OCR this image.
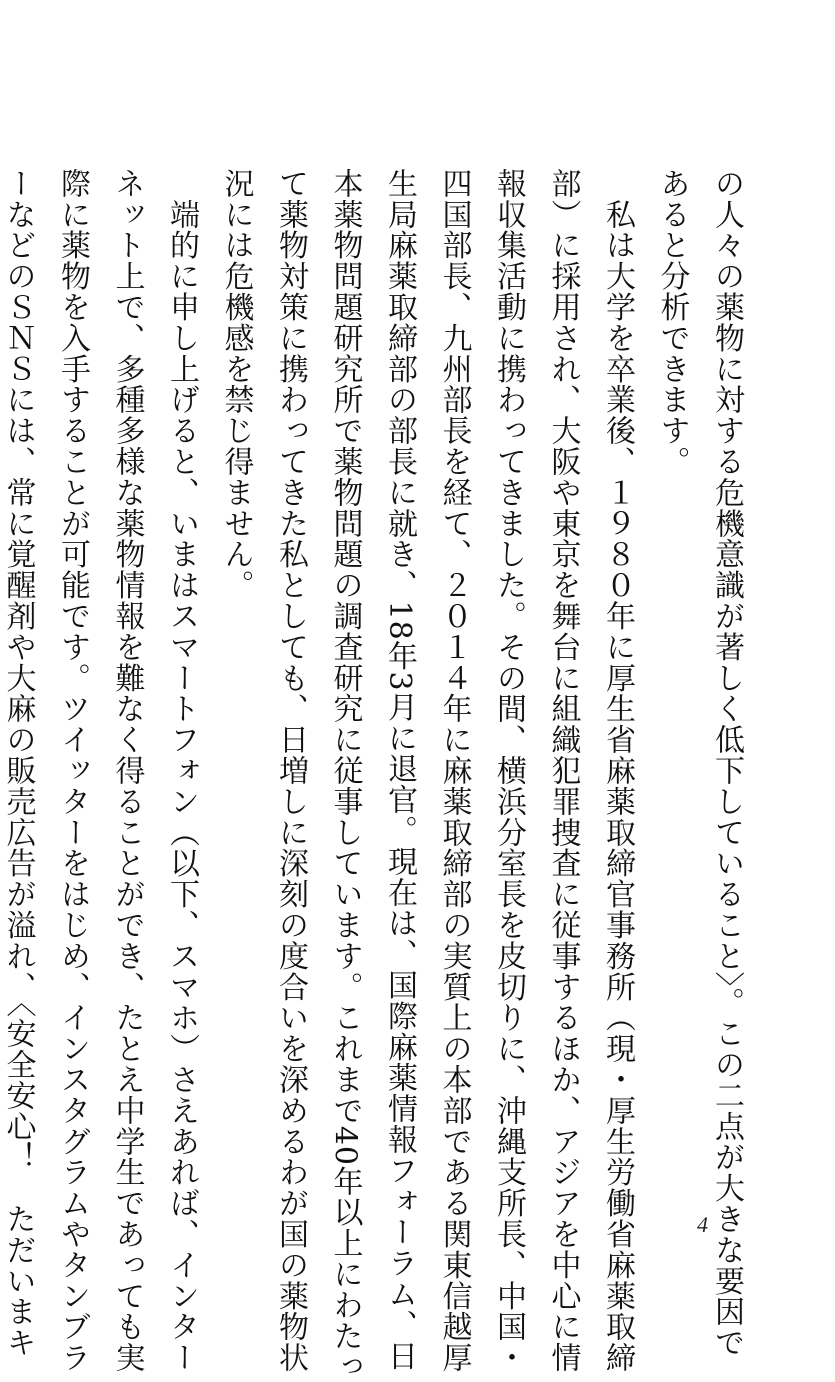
の人々の薬物に対する危機意識が著しく低下していること〉。この二点が大きな要因で
あると分析できます。
　私は大学を卒業後、１９８０年に厚生省麻薬取締官事務所（現・厚生労働省麻薬取締
部）に採用され、大阪や東京を舞台に組織犯罪捜査に従事するほか、アジアを中心に情
報収集活動に携わってきました。その間、横浜分室長を皮切りに、沖縄支所長、中国・
四国部長、九州部長を経て、２０１４年に麻薬取締部の実質上の本部である関東信越厚
生局麻薬取締部の部長に就き、18年3月に退官。現在は、国際麻薬情報フォーラム、日
本薬物問題研究所で薬物問題の調査研究に従事しています。これまで40年以上にわたっ
て薬物対策に携わってきた私としても、日増しに深刻の度合いを深めるわが国の薬物状
況には危機感を禁じ得ません。
　端的に申し上げると、いまはスマートフォン（以下、スマホ）さえあれば、インター
ネット上で、多種多様な薬物情報を難なく得ることができ、たとえ中学生であっても実
際に薬物を入手することが可能です。ツイッターをはじめ、インスタグラムやタンブラ
ーなどのＳＮＳには、常に覚醒剤や大麻の販売広告が溢れ、〈安全安心！　ただいまキ	4
